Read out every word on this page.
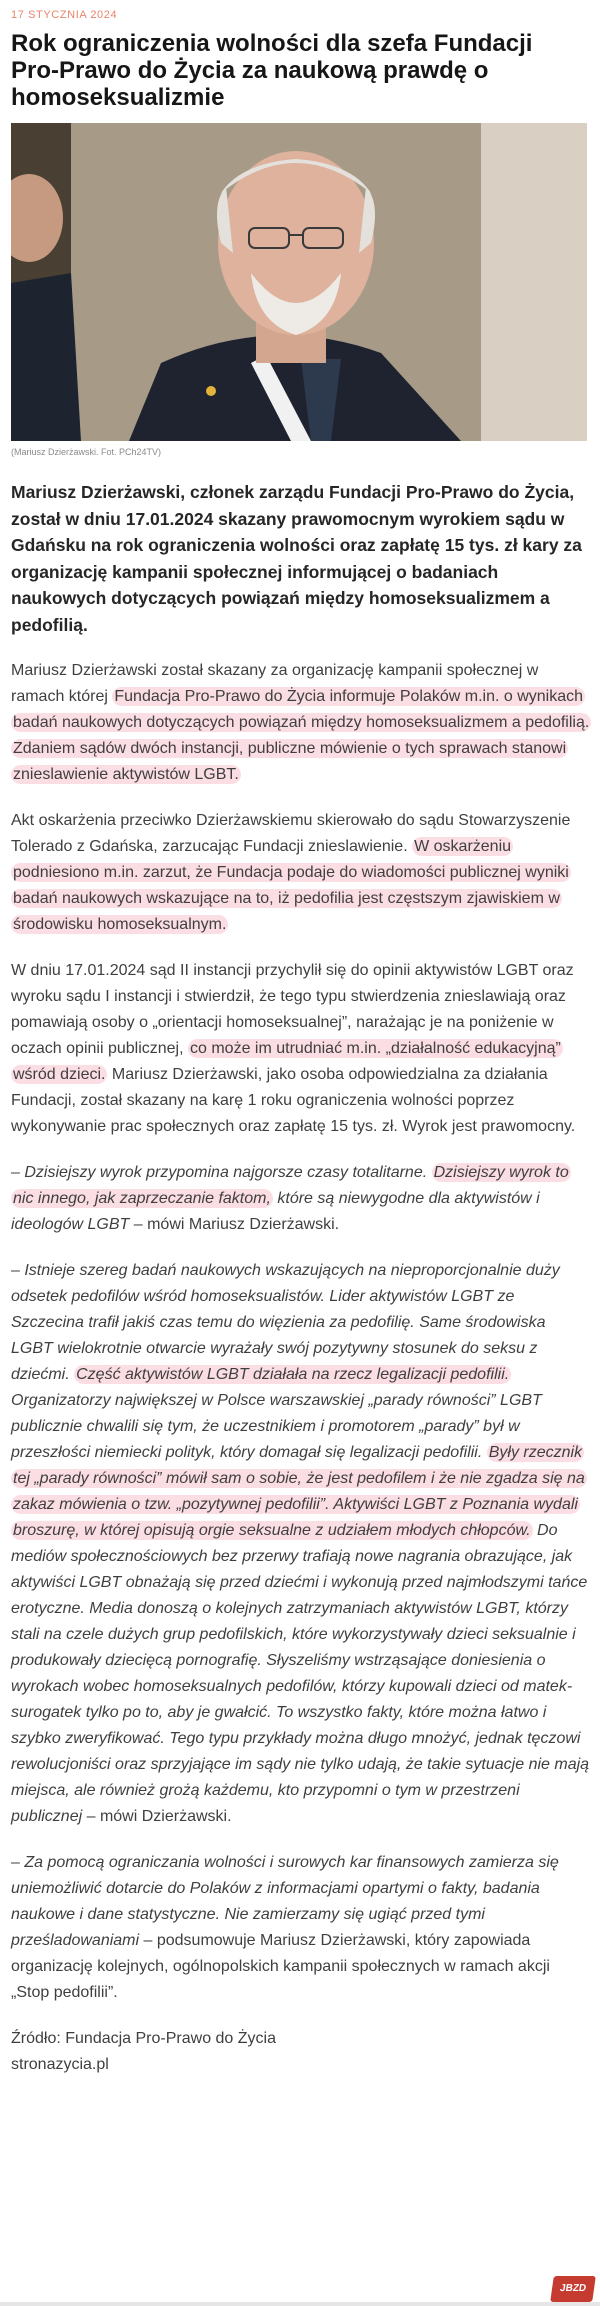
17 STYCZNIA 2024
Rok ograniczenia wolności dla szefa Fundacji Pro-Prawo do Życia za naukową prawdę o homoseksualizmie
(Mariusz Dzierżawski. Fot. PCh24TV)

Mariusz Dzierżawski, członek zarządu Fundacji Pro-Prawo do Życia, został w dniu 17.01.2024 skazany prawomocnym wyrokiem sądu w Gdańsku na rok ograniczenia wolności oraz zapłatę 15 tys. zł kary za organizację kampanii społecznej informującej o badaniach naukowych dotyczących powiązań między homoseksualizmem a pedofilią.

Mariusz Dzierżawski został skazany za organizację kampanii społecznej w ramach której Fundacja Pro-Prawo do Życia informuje Polaków m.in. o wynikach badań naukowych dotyczących powiązań między homoseksualizmem a pedofilią. Zdaniem sądów dwóch instancji, publiczne mówienie o tych sprawach stanowi znieslawienie aktywistów LGBT.

Akt oskarżenia przeciwko Dzierżawskiemu skierowało do sądu Stowarzyszenie Tolerado z Gdańska, zarzucając Fundacji znieslawienie. W oskarżeniu podniesiono m.in. zarzut, że Fundacja podaje do wiadomości publicznej wyniki badań naukowych wskazujące na to, iż pedofilia jest częstszym zjawiskiem w środowisku homoseksualnym.

W dniu 17.01.2024 sąd II instancji przychylił się do opinii aktywistów LGBT oraz wyroku sądu I instancji i stwierdził, że tego typu stwierdzenia znieslawiają oraz pomawiają osoby o „orientacji homoseksualnej”, narażając je na poniżenie w oczach opinii publicznej, co może im utrudniać m.in. „działalność edukacyjną” wśród dzieci. Mariusz Dzierżawski, jako osoba odpowiedzialna za działania Fundacji, został skazany na karę 1 roku ograniczenia wolności poprzez wykonywanie prac społecznych oraz zapłatę 15 tys. zł. Wyrok jest prawomocny.

– Dzisiejszy wyrok przypomina najgorsze czasy totalitarne. Dzisiejszy wyrok to nic innego, jak zaprzeczanie faktom, które są niewygodne dla aktywistów i ideologów LGBT – mówi Mariusz Dzierżawski.

– Istnieje szereg badań naukowych wskazujących na nieproporcjonalnie duży odsetek pedofilów wśród homoseksualistów. Lider aktywistów LGBT ze Szczecina trafił jakiś czas temu do więzienia za pedofilię. Same środowiska LGBT wielokrotnie otwarcie wyrażały swój pozytywny stosunek do seksu z dziećmi. Część aktywistów LGBT działała na rzecz legalizacji pedofilii. Organizatorzy największej w Polsce warszawskiej „parady równości” LGBT publicznie chwalili się tym, że uczestnikiem i promotorem „parady” był w przeszłości niemiecki polityk, który domagał się legalizacji pedofilii. Były rzecznik tej „parady równości” mówił sam o sobie, że jest pedofilem i że nie zgadza się na zakaz mówienia o tzw. „pozytywnej pedofilii”. Aktywiści LGBT z Poznania wydali broszurę, w której opisują orgie seksualne z udziałem młodych chłopców. Do mediów społecznościowych bez przerwy trafiają nowe nagrania obrazujące, jak aktywiści LGBT obnażają się przed dziećmi i wykonują przed najmłodszymi tańce erotyczne. Media donoszą o kolejnych zatrzymaniach aktywistów LGBT, którzy stali na czele dużych grup pedofilskich, które wykorzystywały dzieci seksualnie i produkowały dziecięcą pornografię. Słyszeliśmy wstrząsające doniesienia o wyrokach wobec homoseksualnych pedofilów, którzy kupowali dzieci od matek-surogatek tylko po to, aby je gwałcić. To wszystko fakty, które można łatwo i szybko zweryfikować. Tego typu przykłady można długo mnożyć, jednak tęczowi rewolucjoniści oraz sprzyjające im sądy nie tylko udają, że takie sytuacje nie mają miejsca, ale również grożą każdemu, kto przypomni o tym w przestrzeni publicznej – mówi Dzierżawski.

– Za pomocą ograniczania wolności i surowych kar finansowych zamierza się uniemożliwić dotarcie do Polaków z informacjami opartymi o fakty, badania naukowe i dane statystyczne. Nie zamierzamy się ugiąć przed tymi prześladowaniami – podsumowuje Mariusz Dzierżawski, który zapowiada organizację kolejnych, ogólnopolskich kampanii społecznych w ramach akcji „Stop pedofilii”.

Źródło: Fundacja Pro-Prawo do Życia
stronazycia.pl
JBZD
